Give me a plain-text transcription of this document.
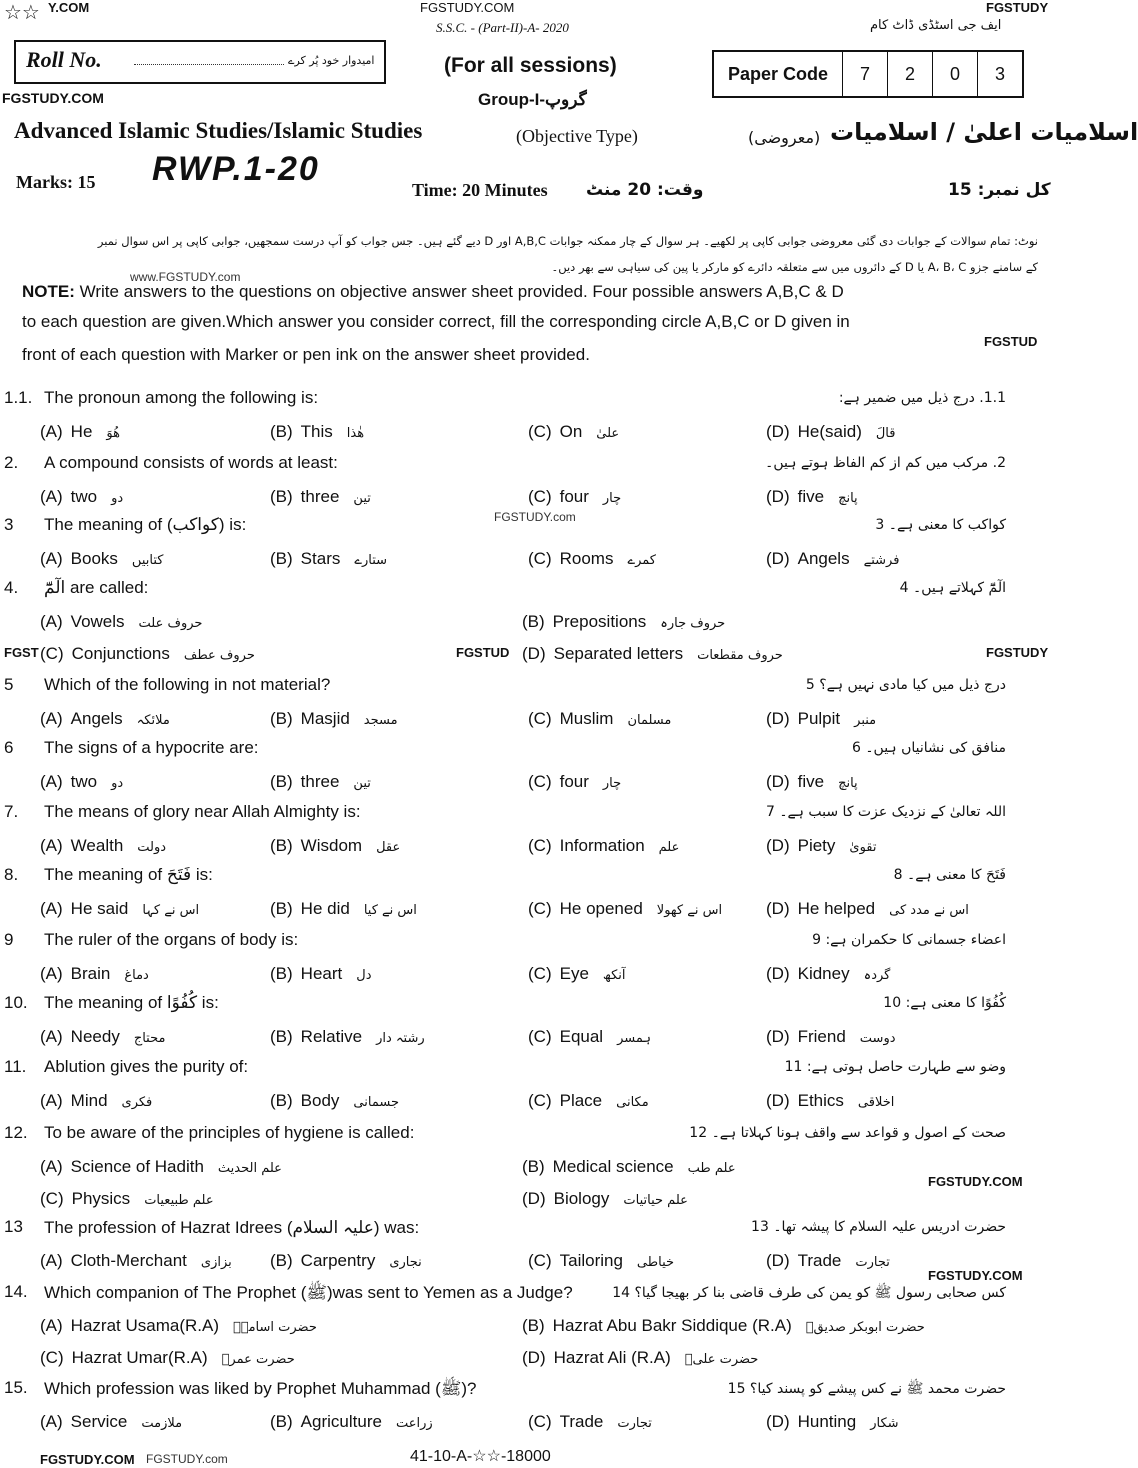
☆☆ Y.COM	FGSTUDY.COM	FGSTUDY
S.S.C. - (Part-II)-A- 2020	ایف جی اسٹڈی ڈاٹ کام
Roll No.	امیدوار خود پُر کرے	(For all sessions)	Paper Code	7	2	0	3
FGSTUDY.COM	Group-I-گروپ
Advanced Islamic Studies/Islamic Studies	(Objective Type)	اسلامیات اعلیٰ / اسلامیات
(معروضی)
Marks: 15 RWP.1-20
Time: 20 Minutes وقت: 20 منٹ	کل نمبر: 15
نوٹ: تمام سوالات کے جوابات دی گئی معروضی جوابی کاپی پر لکھیے۔ ہر سوال کے چار ممکنہ جوابات A,B,C اور D دیے گئے ہیں۔ جس جواب کو آپ درست سمجھیں، جوابی کاپی پر اس سوال نمبر
کے سامنے جزو A، B، C یا D کے دائروں میں سے متعلقہ دائرے کو مارکر یا پین کی سیاہی سے بھر دیں۔
www.FGSTUDY.com
NOTE: Write answers to the questions on objective answer sheet provided. Four possible answers A,B,C & D
to each question are given.Which answer you consider correct, fill the corresponding circle A,B,C or D given in
front of each question with Marker or pen ink on the answer sheet provided.
FGSTUD
1.1. The pronoun among the following is:	1.1. درج ذیل میں ضمیر ہے:
(A) He ھُوَ	(B) This ھٰذا	(C) On علیٰ	(D) He(said) قالَ
2. A compound consists of words at least:	2. مرکب میں کم از کم الفاظ ہوتے ہیں۔
(A) two دو	(B) three تین	(C) four چار	(D) five پانچ
3 The meaning of (کواکب) is:	کواکب کا معنی ہے۔ 3
(A) Books کتابیں	(B) Stars ستارے	(C) Rooms کمرے	(D) Angels فرشتے
4. الٓمّٓ are called:	الٓمّٓ کہلاتے ہیں۔ 4
(A) Vowels حروف علت	(B) Prepositions حروف جارہ
(C) Conjunctions حروف عطف	(D) Separated letters حروف مقطعات
5 Which of the following in not material?	درج ذیل میں کیا مادی نہیں ہے؟ 5
(A) Angels ملائکہ	(B) Masjid مسجد	(C) Muslim مسلمان	(D) Pulpit منبر
6 The signs of a hypocrite are:	منافق کی نشانیاں ہیں۔ 6
(A) two دو	(B) three تین	(C) four چار	(D) five پانچ
7. The means of glory near Allah Almighty is:	اللہ تعالیٰ کے نزدیک عزت کا سبب ہے۔ 7
(A) Wealth دولت	(B) Wisdom عقل	(C) Information علم	(D) Piety تقویٰ
8. The meaning of فَتَحَ is:	فَتَحَ کا معنی ہے۔ 8
(A) He said اس نے کہا	(B) He did اس نے کیا	(C) He opened اس نے کھولا	(D) He helped اس نے مدد کی
9 The ruler of the organs of body is:	اعضاء جسمانی کا حکمران ہے: 9
(A) Brain دماغ	(B) Heart دل	(C) Eye آنکھ	(D) Kidney گردہ
10. The meaning of کُفُوًا is:	کُفُوًا کا معنی ہے: 10
(A) Needy محتاج	(B) Relative رشتہ دار	(C) Equal ہمسر	(D) Friend دوست
11. Ablution gives the purity of:	وضو سے طہارت حاصل ہوتی ہے: 11
(A) Mind فکری	(B) Body جسمانی	(C) Place مکانی	(D) Ethics اخلاقی
12. To be aware of the principles of hygiene is called:	صحت کے اصول و قواعد سے واقف ہونا کہلاتا ہے۔ 12
(A) Science of Hadith علم الحدیث	(B) Medical science علم طب
(C) Physics علم طبیعیات	(D) Biology علم حیاتیات
13 The profession of Hazrat Idrees (علیہ السلام) was:	حضرت ادریس علیہ السلام کا پیشہ تھا۔ 13
(A) Cloth-Merchant بزازی (B) Carpentry نجاری	(C) Tailoring خیاطی	(D) Trade تجارت
14. Which companion of The Prophet (ﷺ)was sent to Yemen as a Judge?	کس صحابی رسول ﷺ کو یمن کی طرف قاضی بنا کر بھیجا گیا؟ 14
(A) Hazrat Usama(R.A) حضرت اسامہؓ	(B) Hazrat Abu Bakr Siddique (R.A) حضرت ابوبکر صدیقؓ
(C) Hazrat Umar(R.A) حضرت عمرؓ	(D) Hazrat Ali (R.A) حضرت علیؓ
15. Which profession was liked by Prophet Muhammad (ﷺ)?	حضرت محمد ﷺ نے کس پیشے کو پسند کیا؟ 15
(A) Service ملازمت	(B) Agriculture زراعت	(C) Trade تجارت	(D) Hunting شکار
FGST	FGSTUD	FGSTUDY
FGSTUDY.com
FGSTUDY.COM
FGSTUDY.COM
41-10-A-☆☆-18000
FGSTUDY.COM FGSTUDY.com
